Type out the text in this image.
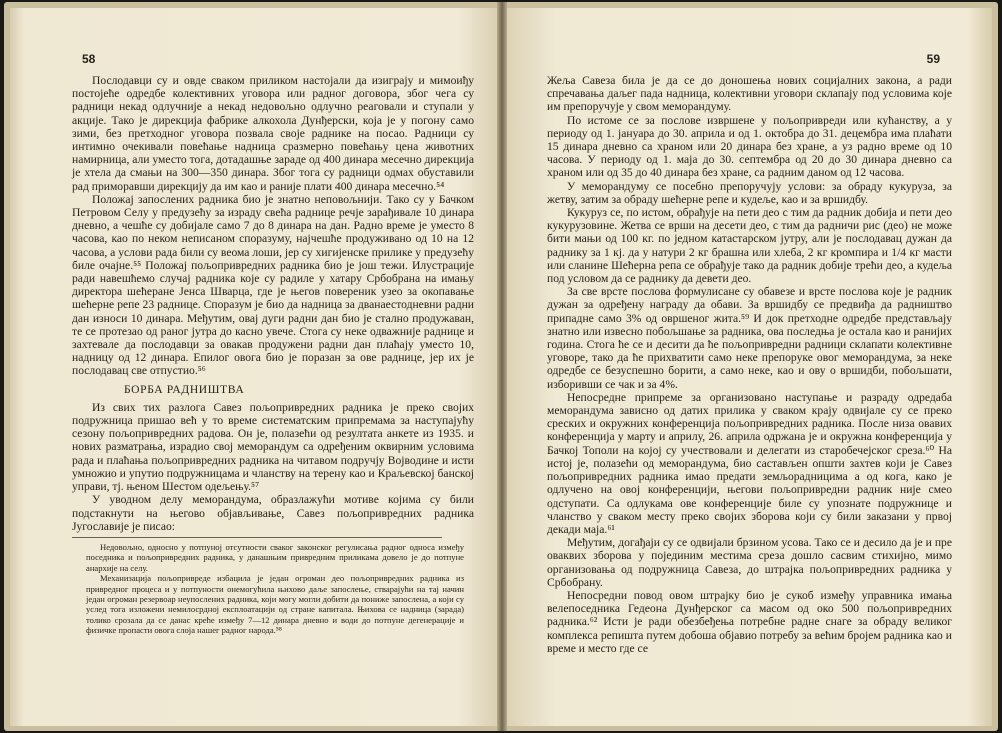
58

Послодавци су и овде сваком приликом настојали да изиграју и мимоиђу постојеће одредбе колективних уговора или радног договора, због чега су радници некад одлучније а некад недовољно одлучно реаговали и ступали у акције. Тако је дирекција фабрике алкохола Дунђерски, која је у погону само зими, без претходног уговора позвала своје раднике на посао. Радници су интимно очекивали повећање надница сразмерно повећању цена животних намирница, али уместо тога, дотадашње зараде од 400 динара месечно дирекција је хтела да смањи на 300—350 динара. Због тога су радници одмах обуставили рад приморавши дирекцију да им као и раније плати 400 динара месечно.⁵⁴

Положај запослених радника био је знатно неповољнији. Тако су у Бачком Петровом Селу у предузећу за израду свећа раднице речје зарађивале 10 динара дневно, а чешће су добијале само 7 до 8 динара на дан. Радно време је уместо 8 часова, као по неком неписаном споразуму, најчешће продуживано од 10 на 12 часова, а услови рада били су веома лоши, јер су хигијенске прилике у предузећу биле очајне.⁵⁵ Положај пољопривредних радника био је још тежи. Илустрације ради навешћемо случај радника које су радиле у хатару Србобрана на имању директора шећеране Јенсa Шварца, где је његов повереник узео за окопавање шећерне репе 23 раднице. Споразум је био да надница за дванаестодневни радни дан износи 10 динара. Међутим, овај дуги радни дан био је стално продужаван, те се протезао од раног јутра до касно увече. Стога су неке одважније раднице и захтевале да послодавци за овакав продужени радни дан плаћају уместо 10, надницу од 12 динара. Епилог овога био је поразан за ове раднице, јер их је послодавац све отпустио.⁵⁶

БОРБА РАДНИШТВА

Из свих тих разлога Савез пољопривредних радника је преко својих подружница пришао већ у то време систематским припремама за наступајућу сезону пољопривредних радова. Он је, полазећи од резултата анкете из 1935. и нових разматрања, израдио свој меморандум са одређеним оквирним условима рада и плаћања пољопривредних радника на читавом подручју Војводине и исти умножио и упутио подружницама и чланству на терену као и Краљевској банској управи, тј. њеном Шестом одељењу.⁵⁷

У уводном делу меморандума, образлажући мотиве којима су били подстакнути на његово објављивање, Савез пољопривредних радника Југославије је писао:

Недовољно, односно у потпуној отсутности сваког законског регулисања радног односа између поседника и пољопривредних радника, у данашњим привредним приликама довело је до потпуне анархије на селу.

Механизација пољопривреде избацила је један огроман део пољопривредних радника из привредног процеса и у потпуности онемогућила њихово даље запослење, стварајући на тај начин један огроман резервоар неупослених радника, који могу могли добити да пониже запослена, а који су услед тога изложени немилосрдној експлоатацији од стране капитала. Њихова се надница (зарада) толико срозала да се данас креће између 7—12 динара дневно и води до потпуне дегенерације и физичке пропасти овога слоја нашег радног народа.⁵⁸

59

Жеља Савеза била је да се до доношења нових социјалних закона, а ради спречавања даљег пада надница, колективни уговори склапају под условима које им препоручује у свом меморандуму.

По истоме се за послове извршене у пољопривреди или кућанству, а у периоду од 1. јануара до 30. априла и од 1. октобра до 31. децембра има плаћати 15 динара дневно са храном или 20 динара без хране, а уз радно време од 10 часова. У периоду од 1. маја до 30. септембра од 20 до 30 динара дневно са храном или од 35 до 40 динара без хране, са радним даном од 12 часова.

У меморандуму се посебно препоручују услови: за обраду кукуруза, за жетву, затим за обраду шећерне репе и кудеље, као и за вршидбу.

Кукуруз се, по истом, обрађује на пети део с тим да радник добија и пети део кукурузовине. Жетва се врши на десети део, с тим да радничи рис (део) не може бити мањи од 100 кг. по једном катастарском јутру, али је послодавац дужан да раднику за 1 кј. да у натури 2 кг брашна или хлеба, 2 кг кромпира и 1/4 кг масти или сланине Шећерна репа се обрађује тако да радник добије трећи део, а кудеља под условом да се раднику да девети део.

За све врсте послова формулисане су обавезе и врсте послова које је радник дужан за одређену награду да обави. За вршидбу се предвиђа да радништво припадне само 3% од овршеног жита.⁵⁹ И док претходне одредбе представљају знатно или извесно побољшање за радника, ова последња је остала као и ранијих година. Стога ће се и десити да ће пољопривредни радници склапати колективне уговоре, тако да ће прихватити само неке препоруке овог меморандума, за неке одредбе се безуспешно борити, а само неке, као и ову о вршидби, побољшати, изборивши се чак и за 4%.

Непосредне припреме за организовано наступање и разраду одредаба меморандума зависно од датих прилика у сваком крају одвијале су се преко среских и окружних конференција пољопривредних радника. После низа овавих конференција у марту и априлу, 26. априла одржана је и окружна конференција у Бачкој Тополи на којој су учествовали и делегати из старобечејског среза.⁶⁰ На истој је, полазећи од меморандума, био састављен општи захтев који је Савез пољопривредних радника имао предати земљорадницима а од кога, како је одлучено на овој конференцији, његови пољопривредни радник није смео одступати. Са одлукама ове конференције биле су упознате подружнице и чланство у сваком месту преко својих зборова који су били заказани у првој декади маја.⁶¹

Међутим, догађаји су се одвијали брзином усова. Тако се и десило да је и пре оваквих зборова у појединим местима среза дошло сасвим стихијно, мимо организовања од подружница Савеза, до штрајка пољопривредних радника у Србобрану.

Непосредни повод овом штрајку био је сукоб између управника имања велепоседника Гедеона Дунђерског са масом од око 500 пољопривредних радника.⁶² Исти је ради обезбеђења потребне радне снаге за обраду великог комплекса репишта путем добоша објавио потребу за већим бројем радника као и време и место где се
